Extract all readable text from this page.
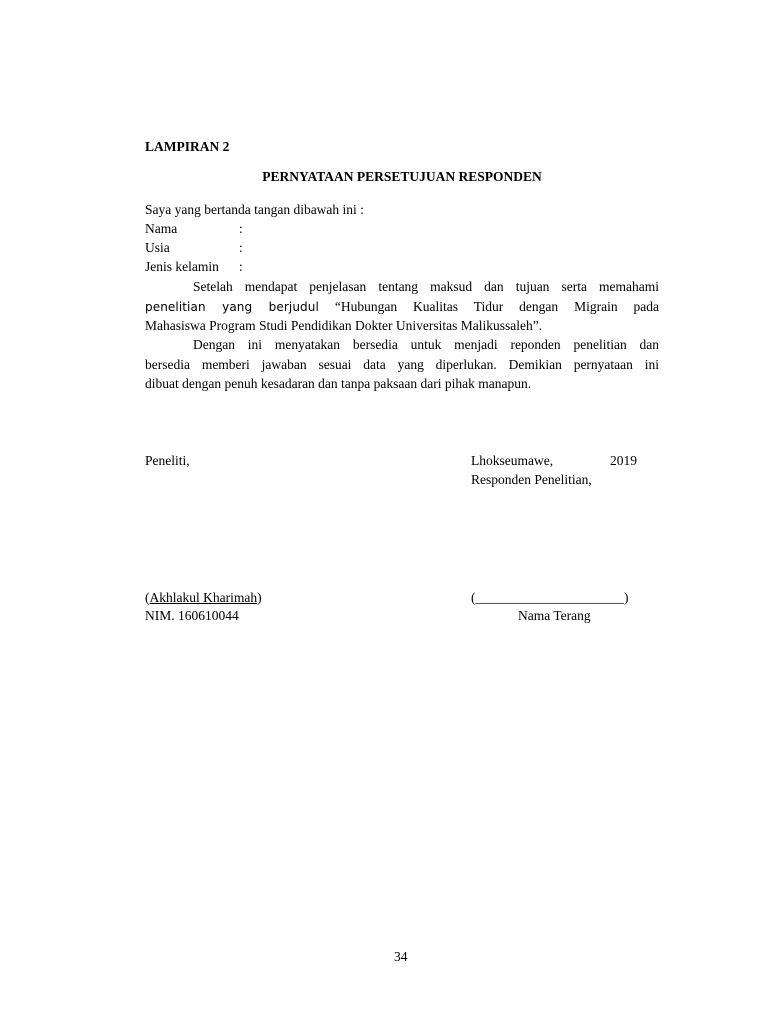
LAMPIRAN 2
PERNYATAAN PERSETUJUAN RESPONDEN
Saya yang bertanda tangan dibawah ini :
Nama	:
Usia	:
Jenis kelamin :
Setelah mendapat penjelasan tentang maksud dan tujuan serta memahami
penelitian yang berjudul “Hubungan Kualitas Tidur dengan Migrain pada
Mahasiswa Program Studi Pendidikan Dokter Universitas Malikussaleh”.
Dengan ini menyatakan bersedia untuk menjadi reponden penelitian dan
bersedia memberi jawaban sesuai data yang diperlukan. Demikian pernyataan ini
dibuat dengan penuh kesadaran dan tanpa paksaan dari pihak manapun.
Peneliti,	Lhokseumawe,	2019
Responden Penelitian,
(Akhlakul Kharimah)	(______________________)
NIM. 160610044	Nama Terang
34
